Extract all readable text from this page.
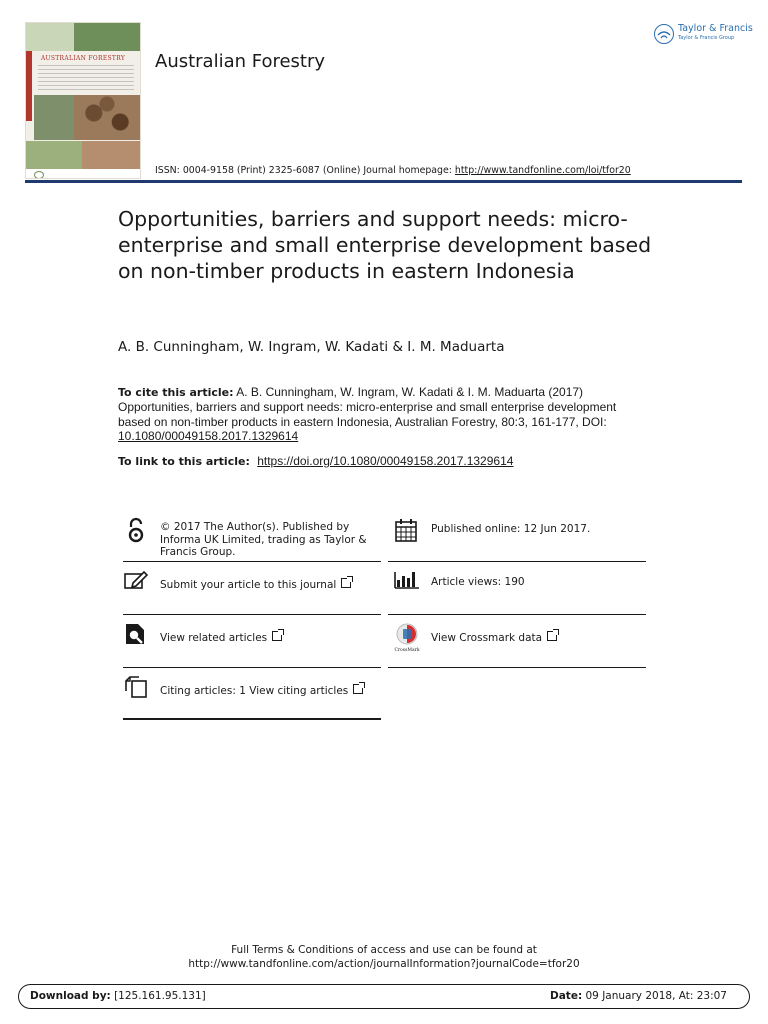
AUSTRALIAN FORESTRY	Australian Forestry
Taylor & Francis
Taylor & Francis Group
ISSN: 0004-9158 (Print) 2325-6087 (Online) Journal homepage: http://www.tandfonline.com/loi/tfor20
Opportunities, barriers and support needs: micro-enterprise and small enterprise development based on non-timber products in eastern Indonesia
A. B. Cunningham, W. Ingram, W. Kadati & I. M. Maduarta
To cite this article: A. B. Cunningham, W. Ingram, W. Kadati & I. M. Maduarta (2017) Opportunities, barriers and support needs: micro-enterprise and small enterprise development based on non-timber products in eastern Indonesia, Australian Forestry, 80:3, 161-177, DOI: 10.1080/00049158.2017.1329614
To link to this article: https://doi.org/10.1080/00049158.2017.1329614
© 2017 The Author(s). Published by Informa UK Limited, trading as Taylor & Francis Group.
Published online: 12 Jun 2017.
Submit your article to this journal	Article views: 190
View related articles
CrossMark
View Crossmark data
Citing articles: 1 View citing articles
Full Terms & Conditions of access and use can be found at
http://www.tandfonline.com/action/journalInformation?journalCode=tfor20
Download by: [125.161.95.131]	Date: 09 January 2018, At: 23:07
